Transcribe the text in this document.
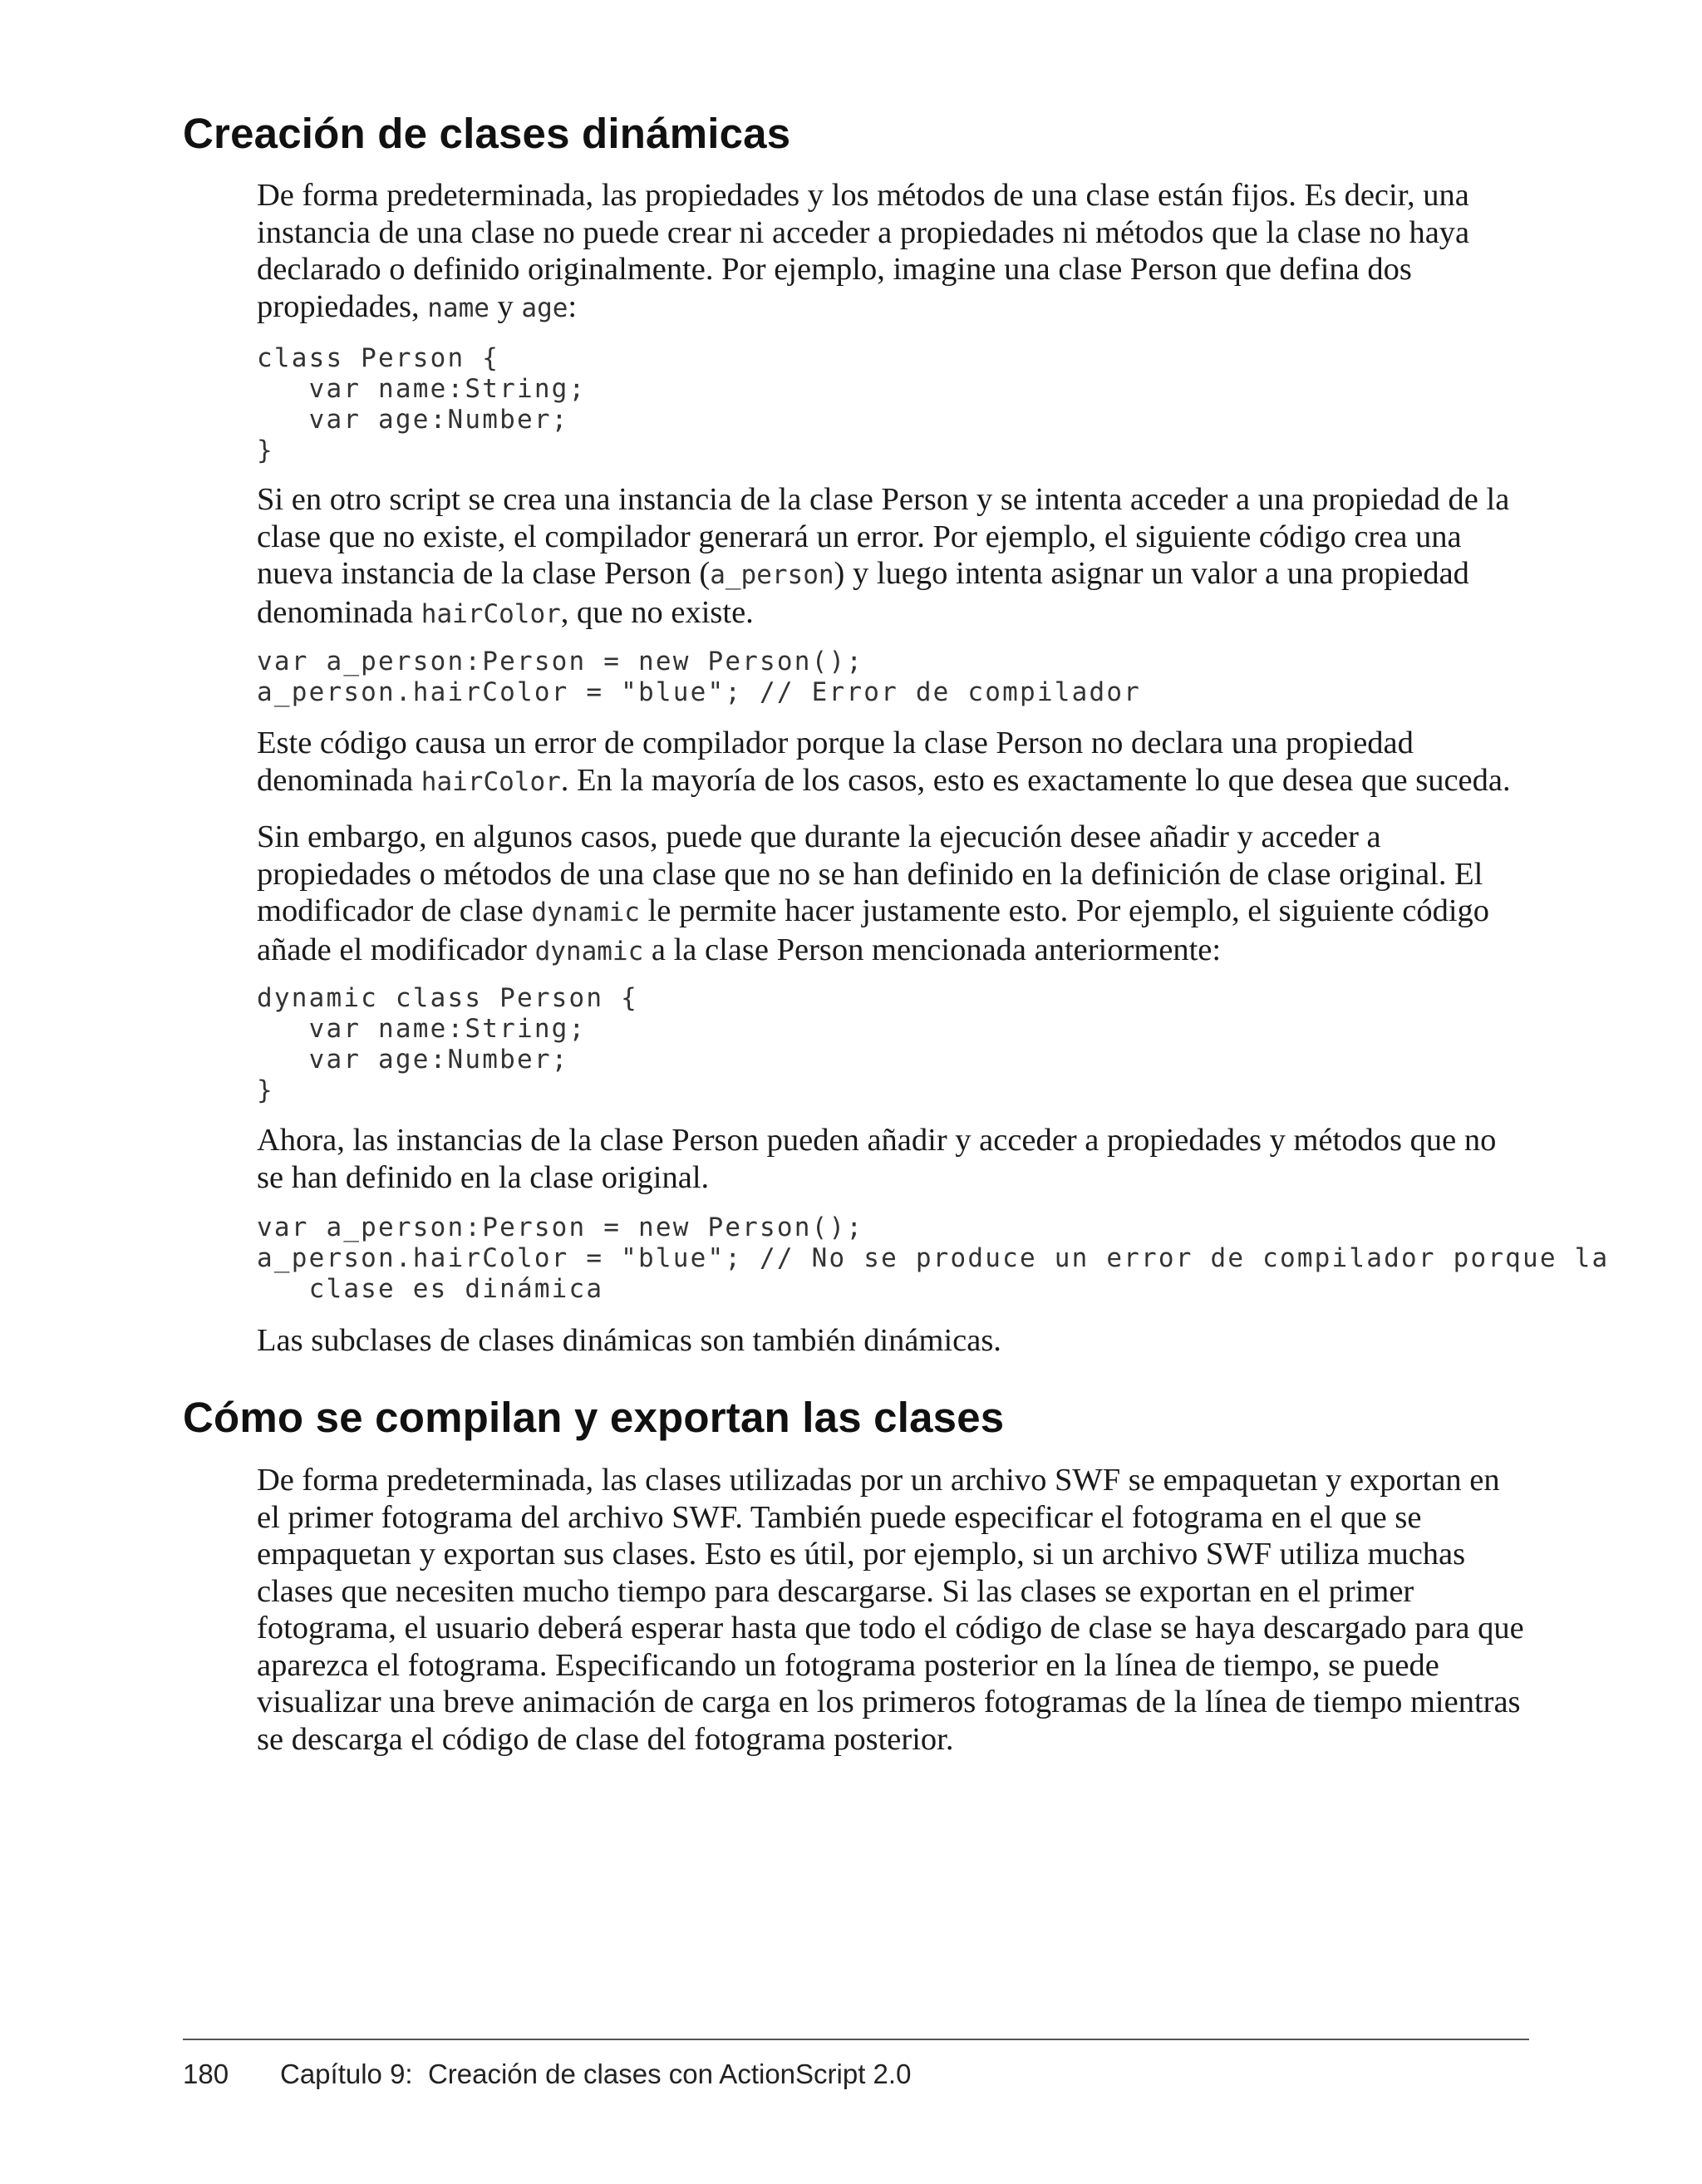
Creación de clases dinámicas

De forma predeterminada, las propiedades y los métodos de una clase están fijos. Es decir, una instancia de una clase no puede crear ni acceder a propiedades ni métodos que la clase no haya declarado o definido originalmente. Por ejemplo, imagine una clase Person que defina dos propiedades, name y age:

class Person {
var name:String;
var age:Number;
}

Si en otro script se crea una instancia de la clase Person y se intenta acceder a una propiedad de la clase que no existe, el compilador generará un error. Por ejemplo, el siguiente código crea una nueva instancia de la clase Person (a_person) y luego intenta asignar un valor a una propiedad denominada hairColor, que no existe.

var a_person:Person = new Person();
a_person.hairColor = "blue"; // Error de compilador

Este código causa un error de compilador porque la clase Person no declara una propiedad denominada hairColor. En la mayoría de los casos, esto es exactamente lo que desea que suceda.

Sin embargo, en algunos casos, puede que durante la ejecución desee añadir y acceder a propiedades o métodos de una clase que no se han definido en la definición de clase original. El modificador de clase dynamic le permite hacer justamente esto. Por ejemplo, el siguiente código añade el modificador dynamic a la clase Person mencionada anteriormente:

dynamic class Person {
var name:String;
var age:Number;
}

Ahora, las instancias de la clase Person pueden añadir y acceder a propiedades y métodos que no se han definido en la clase original.

var a_person:Person = new Person();
a_person.hairColor = "blue"; // No se produce un error de compilador porque la
clase es dinámica

Las subclases de clases dinámicas son también dinámicas.

Cómo se compilan y exportan las clases

De forma predeterminada, las clases utilizadas por un archivo SWF se empaquetan y exportan en el primer fotograma del archivo SWF. También puede especificar el fotograma en el que se empaquetan y exportan sus clases. Esto es útil, por ejemplo, si un archivo SWF utiliza muchas clases que necesiten mucho tiempo para descargarse. Si las clases se exportan en el primer fotograma, el usuario deberá esperar hasta que todo el código de clase se haya descargado para que aparezca el fotograma. Especificando un fotograma posterior en la línea de tiempo, se puede visualizar una breve animación de carga en los primeros fotogramas de la línea de tiempo mientras se descarga el código de clase del fotograma posterior.

180 Capítulo 9:  Creación de clases con ActionScript 2.0
